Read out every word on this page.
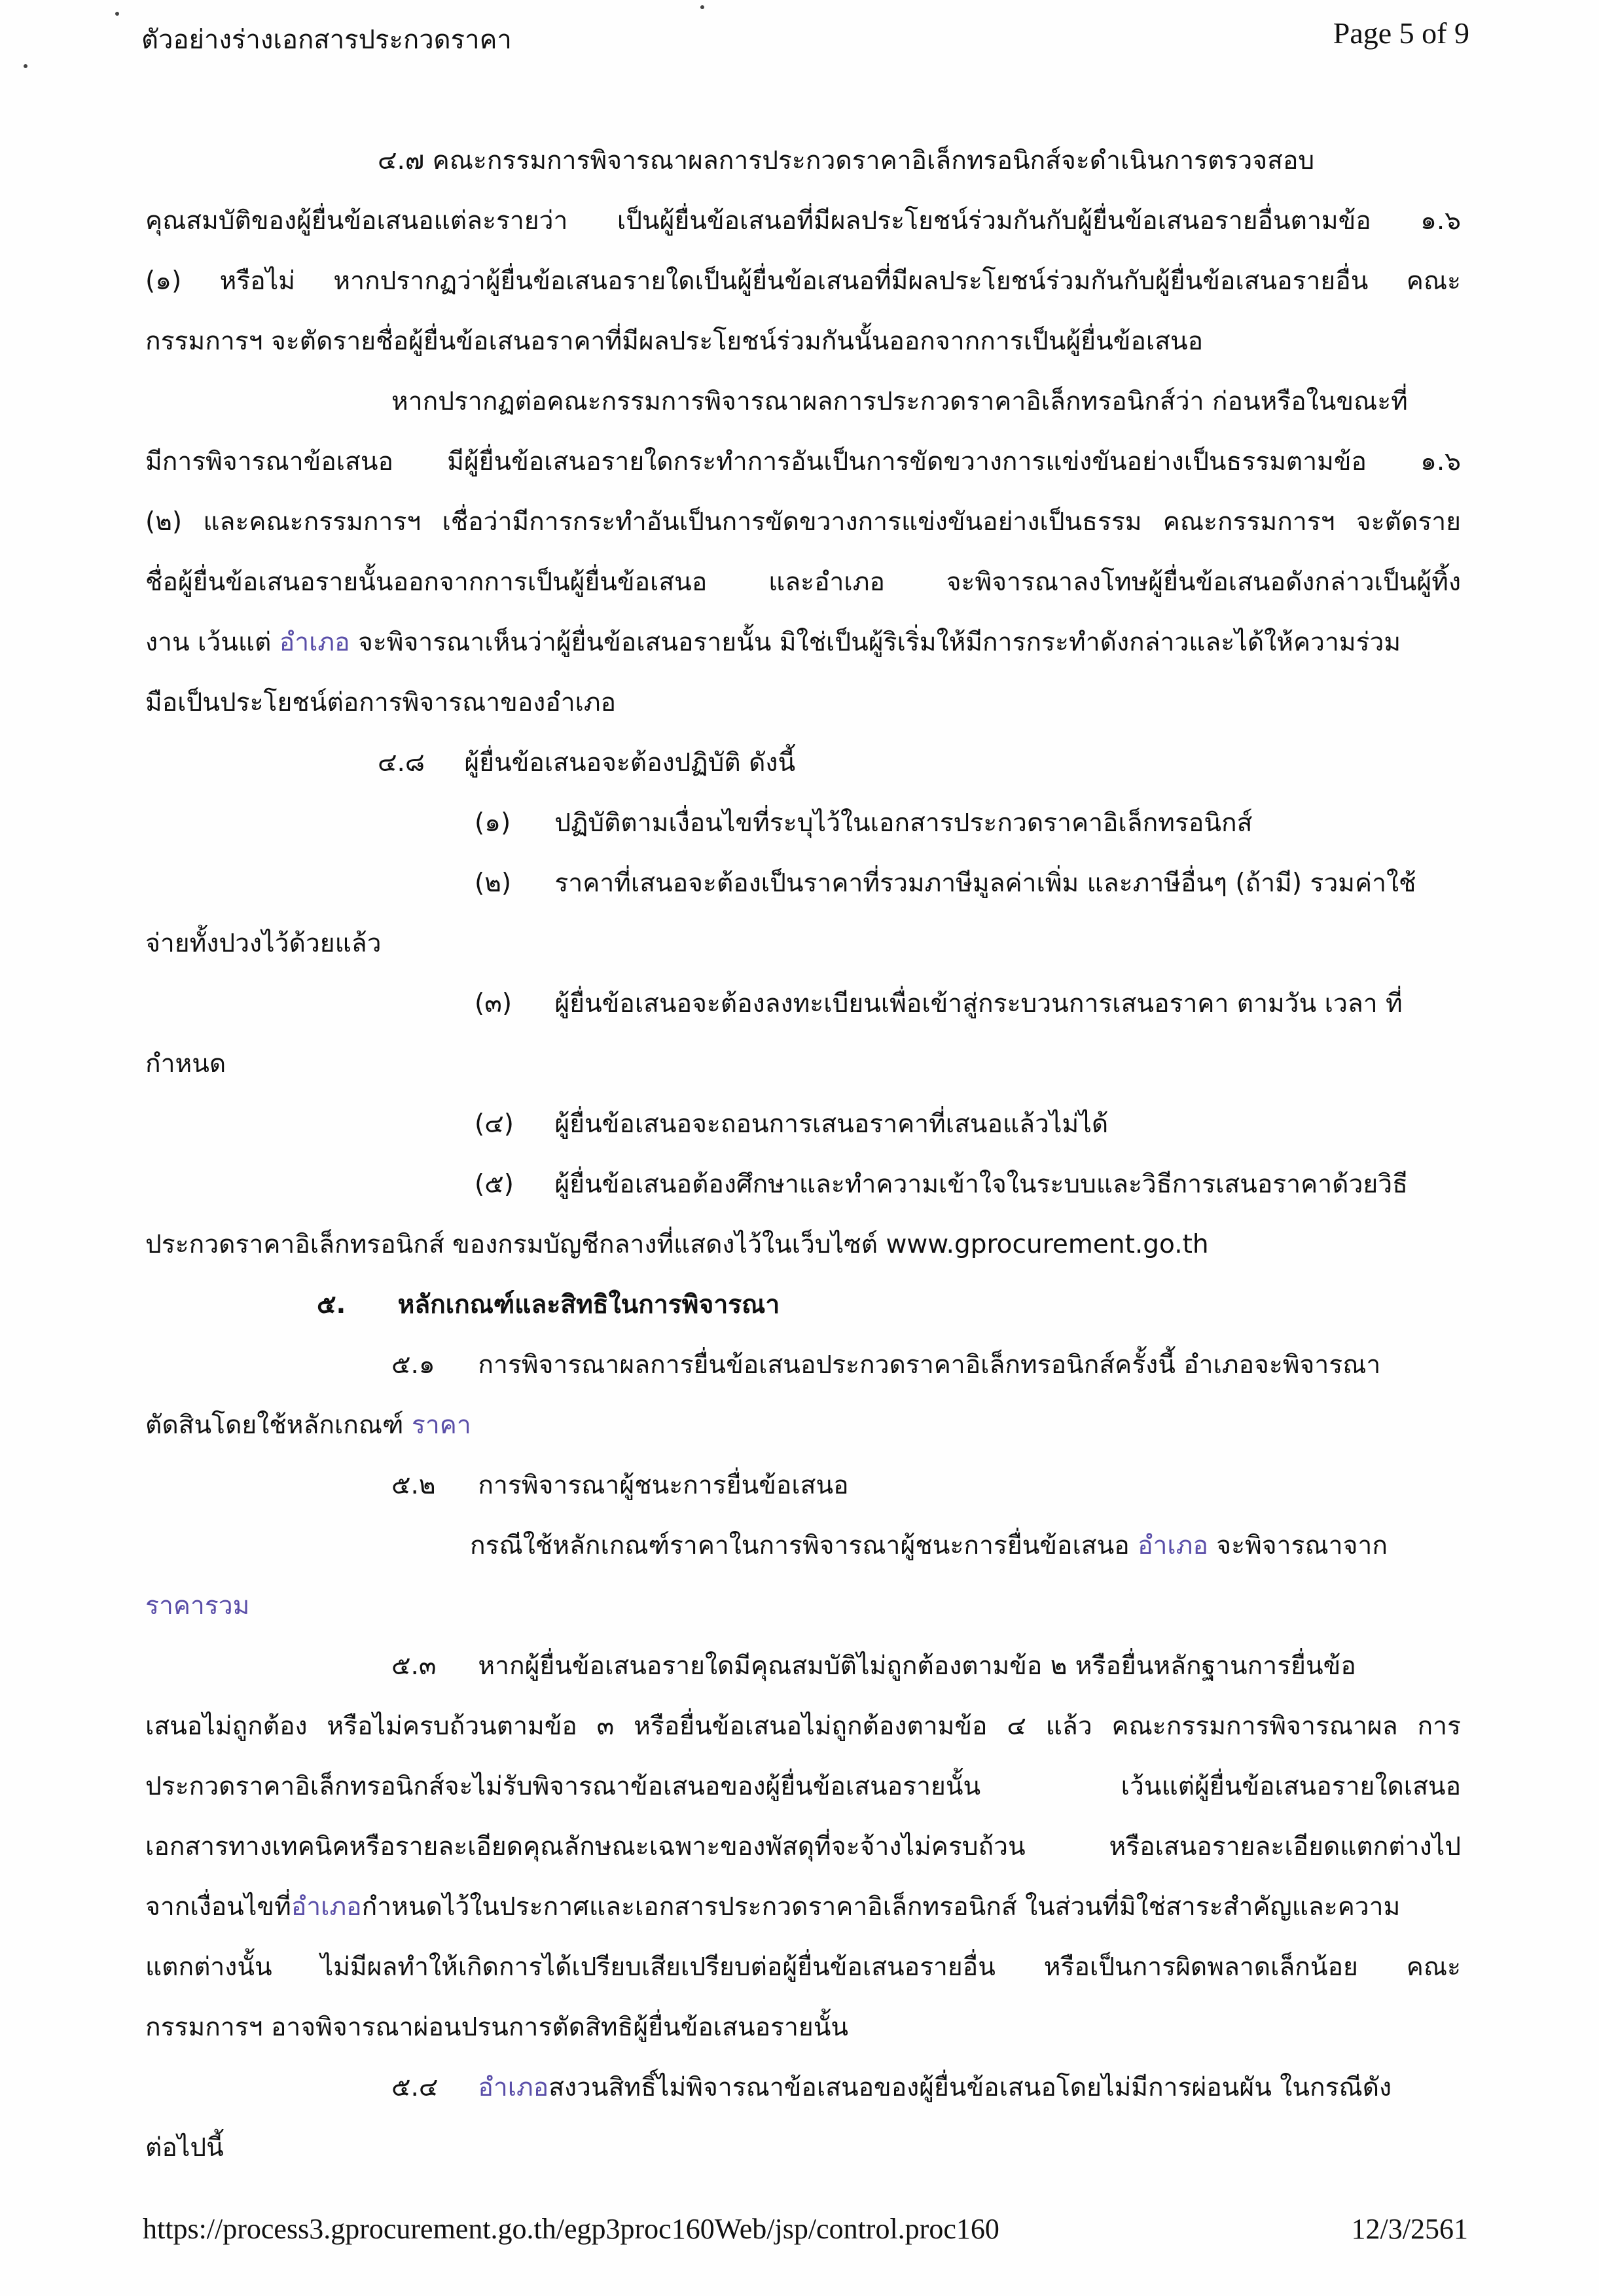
ตัวอย่างร่างเอกสารประกวดราคา	Page 5 of 9
๔.๗ คณะกรรมการพิจารณาผลการประกวดราคาอิเล็กทรอนิกส์จะดำเนินการตรวจสอบ
คุณสมบัติของผู้ยื่นข้อเสนอแต่ละรายว่า เป็นผู้ยื่นข้อเสนอที่มีผลประโยชน์ร่วมกันกับผู้ยื่นข้อเสนอรายอื่นตามข้อ ๑.๖
(๑) หรือไม่ หากปรากฏว่าผู้ยื่นข้อเสนอรายใดเป็นผู้ยื่นข้อเสนอที่มีผลประโยชน์ร่วมกันกับผู้ยื่นข้อเสนอรายอื่น คณะ
กรรมการฯ จะตัดรายชื่อผู้ยื่นข้อเสนอราคาที่มีผลประโยชน์ร่วมกันนั้นออกจากการเป็นผู้ยื่นข้อเสนอ
หากปรากฏต่อคณะกรรมการพิจารณาผลการประกวดราคาอิเล็กทรอนิกส์ว่า ก่อนหรือในขณะที่
มีการพิจารณาข้อเสนอ มีผู้ยื่นข้อเสนอรายใดกระทำการอันเป็นการขัดขวางการแข่งขันอย่างเป็นธรรมตามข้อ ๑.๖
(๒) และคณะกรรมการฯ เชื่อว่ามีการกระทำอันเป็นการขัดขวางการแข่งขันอย่างเป็นธรรม คณะกรรมการฯ จะตัดราย
ชื่อผู้ยื่นข้อเสนอรายนั้นออกจากการเป็นผู้ยื่นข้อเสนอ และอำเภอ จะพิจารณาลงโทษผู้ยื่นข้อเสนอดังกล่าวเป็นผู้ทิ้ง
งาน เว้นแต่ อำเภอ จะพิจารณาเห็นว่าผู้ยื่นข้อเสนอรายนั้น มิใช่เป็นผู้ริเริ่มให้มีการกระทำดังกล่าวและได้ให้ความร่วม
มือเป็นประโยชน์ต่อการพิจารณาของอำเภอ
๔.๘ ผู้ยื่นข้อเสนอจะต้องปฏิบัติ ดังนี้
(๑) ปฏิบัติตามเงื่อนไขที่ระบุไว้ในเอกสารประกวดราคาอิเล็กทรอนิกส์
(๒) ราคาที่เสนอจะต้องเป็นราคาที่รวมภาษีมูลค่าเพิ่ม และภาษีอื่นๆ (ถ้ามี) รวมค่าใช้
จ่ายทั้งปวงไว้ด้วยแล้ว
(๓) ผู้ยื่นข้อเสนอจะต้องลงทะเบียนเพื่อเข้าสู่กระบวนการเสนอราคา ตามวัน เวลา ที่
กำหนด
(๔) ผู้ยื่นข้อเสนอจะถอนการเสนอราคาที่เสนอแล้วไม่ได้
(๕) ผู้ยื่นข้อเสนอต้องศึกษาและทำความเข้าใจในระบบและวิธีการเสนอราคาด้วยวิธี
ประกวดราคาอิเล็กทรอนิกส์ ของกรมบัญชีกลางที่แสดงไว้ในเว็บไซต์ www.gprocurement.go.th
๕. หลักเกณฑ์และสิทธิในการพิจารณา
๕.๑ การพิจารณาผลการยื่นข้อเสนอประกวดราคาอิเล็กทรอนิกส์ครั้งนี้ อำเภอจะพิจารณา
ตัดสินโดยใช้หลักเกณฑ์ ราคา
๕.๒ การพิจารณาผู้ชนะการยื่นข้อเสนอ
กรณีใช้หลักเกณฑ์ราคาในการพิจารณาผู้ชนะการยื่นข้อเสนอ อำเภอ จะพิจารณาจาก
ราคารวม
๕.๓ หากผู้ยื่นข้อเสนอรายใดมีคุณสมบัติไม่ถูกต้องตามข้อ ๒ หรือยื่นหลักฐานการยื่นข้อ
เสนอไม่ถูกต้อง หรือไม่ครบถ้วนตามข้อ ๓ หรือยื่นข้อเสนอไม่ถูกต้องตามข้อ ๔ แล้ว คณะกรรมการพิจารณาผล การ
ประกวดราคาอิเล็กทรอนิกส์จะไม่รับพิจารณาข้อเสนอของผู้ยื่นข้อเสนอรายนั้น เว้นแต่ผู้ยื่นข้อเสนอรายใดเสนอ
เอกสารทางเทคนิคหรือรายละเอียดคุณลักษณะเฉพาะของพัสดุที่จะจ้างไม่ครบถ้วน หรือเสนอรายละเอียดแตกต่างไป
จากเงื่อนไขที่อำเภอกำหนดไว้ในประกาศและเอกสารประกวดราคาอิเล็กทรอนิกส์ ในส่วนที่มิใช่สาระสำคัญและความ
แตกต่างนั้น ไม่มีผลทำให้เกิดการได้เปรียบเสียเปรียบต่อผู้ยื่นข้อเสนอรายอื่น หรือเป็นการผิดพลาดเล็กน้อย คณะ
กรรมการฯ อาจพิจารณาผ่อนปรนการตัดสิทธิผู้ยื่นข้อเสนอรายนั้น
๕.๔ อำเภอสงวนสิทธิ์ไม่พิจารณาข้อเสนอของผู้ยื่นข้อเสนอโดยไม่มีการผ่อนผัน ในกรณีดัง
ต่อไปนี้
https://process3.gprocurement.go.th/egp3proc160Web/jsp/control.proc160	12/3/2561
